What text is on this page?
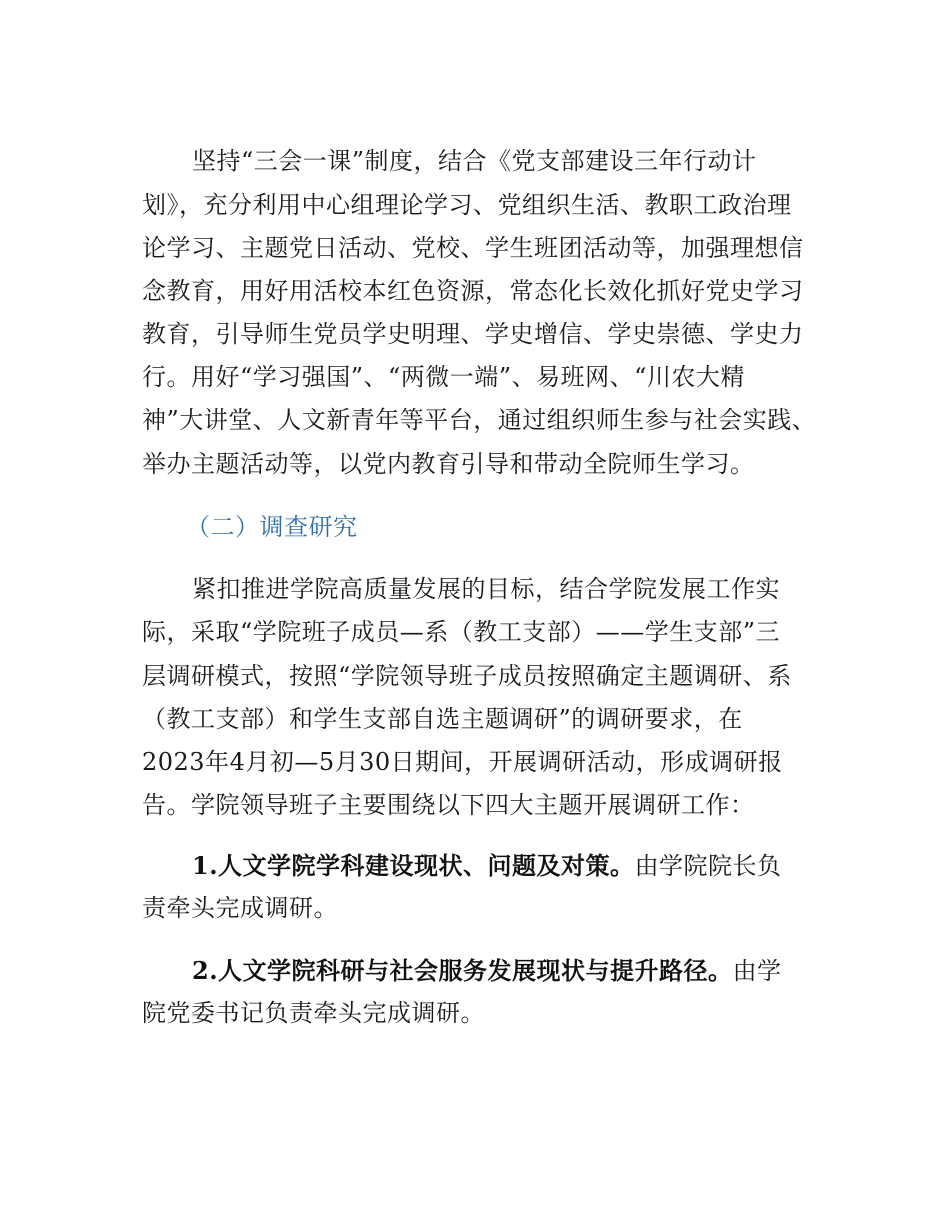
坚持“三会一课”制度，结合《党支部建设三年行动计
划》，充分利用中心组理论学习、党组织生活、教职工政治理
论学习、主题党日活动、党校、学生班团活动等，加强理想信
念教育，用好用活校本红色资源，常态化长效化抓好党史学习
教育，引导师生党员学史明理、学史增信、学史崇德、学史力
行。用好“学习强国”、“两微一端”、易班网、“川农大精
神”大讲堂、人文新青年等平台，通过组织师生参与社会实践、
举办主题活动等，以党内教育引导和带动全院师生学习。
（二）调查研究
紧扣推进学院高质量发展的目标，结合学院发展工作实
际，采取“学院班子成员—系（教工支部）——学生支部”三
层调研模式，按照“学院领导班子成员按照确定主题调研、系
（教工支部）和学生支部自选主题调研”的调研要求，在
2023年4月初—5月30日期间，开展调研活动，形成调研报
告。学院领导班子主要围绕以下四大主题开展调研工作：
1.人文学院学科建设现状、问题及对策。由学院院长负
责牵头完成调研。
2.人文学院科研与社会服务发展现状与提升路径。由学
院党委书记负责牵头完成调研。
